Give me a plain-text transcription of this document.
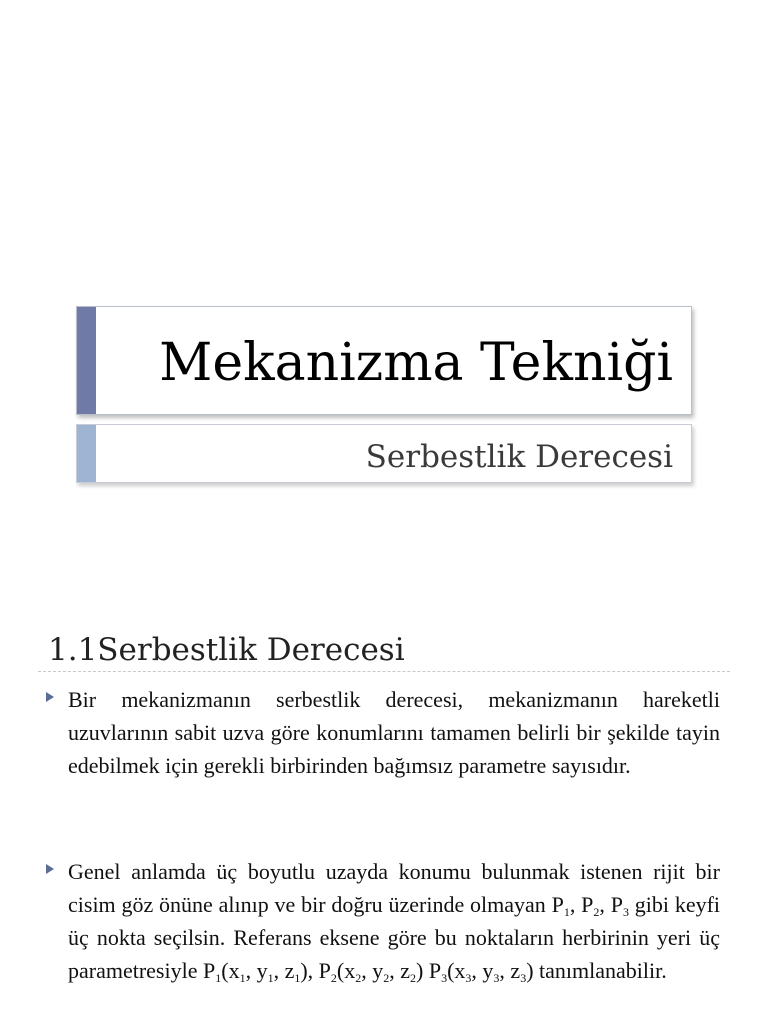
Mekanizma Tekniği
Serbestlik Derecesi
1.1Serbestlik Derecesi
Bir mekanizmanın serbestlik derecesi, mekanizmanın hareketli uzuvlarının sabit uzva göre konumlarını tamamen belirli bir şekilde tayin edebilmek için gerekli birbirinden bağımsız parametre sayısıdır.
Genel anlamda üç boyutlu uzayda konumu bulunmak istenen rijit bir cisim göz önüne alınıp ve bir doğru üzerinde olmayan $P_1$, $P_2$, $P_3$ gibi keyfi üç nokta seçilsin. Referans eksene göre bu noktaların herbirinin yeri üç parametresiyle $P_1(x_1$, $y_1$, $z_1$), $P_2(x_2$, $y_2$, $z_2$) $P_3(x_3$, $y_3$, $z_3$) tanımlanabilir.
